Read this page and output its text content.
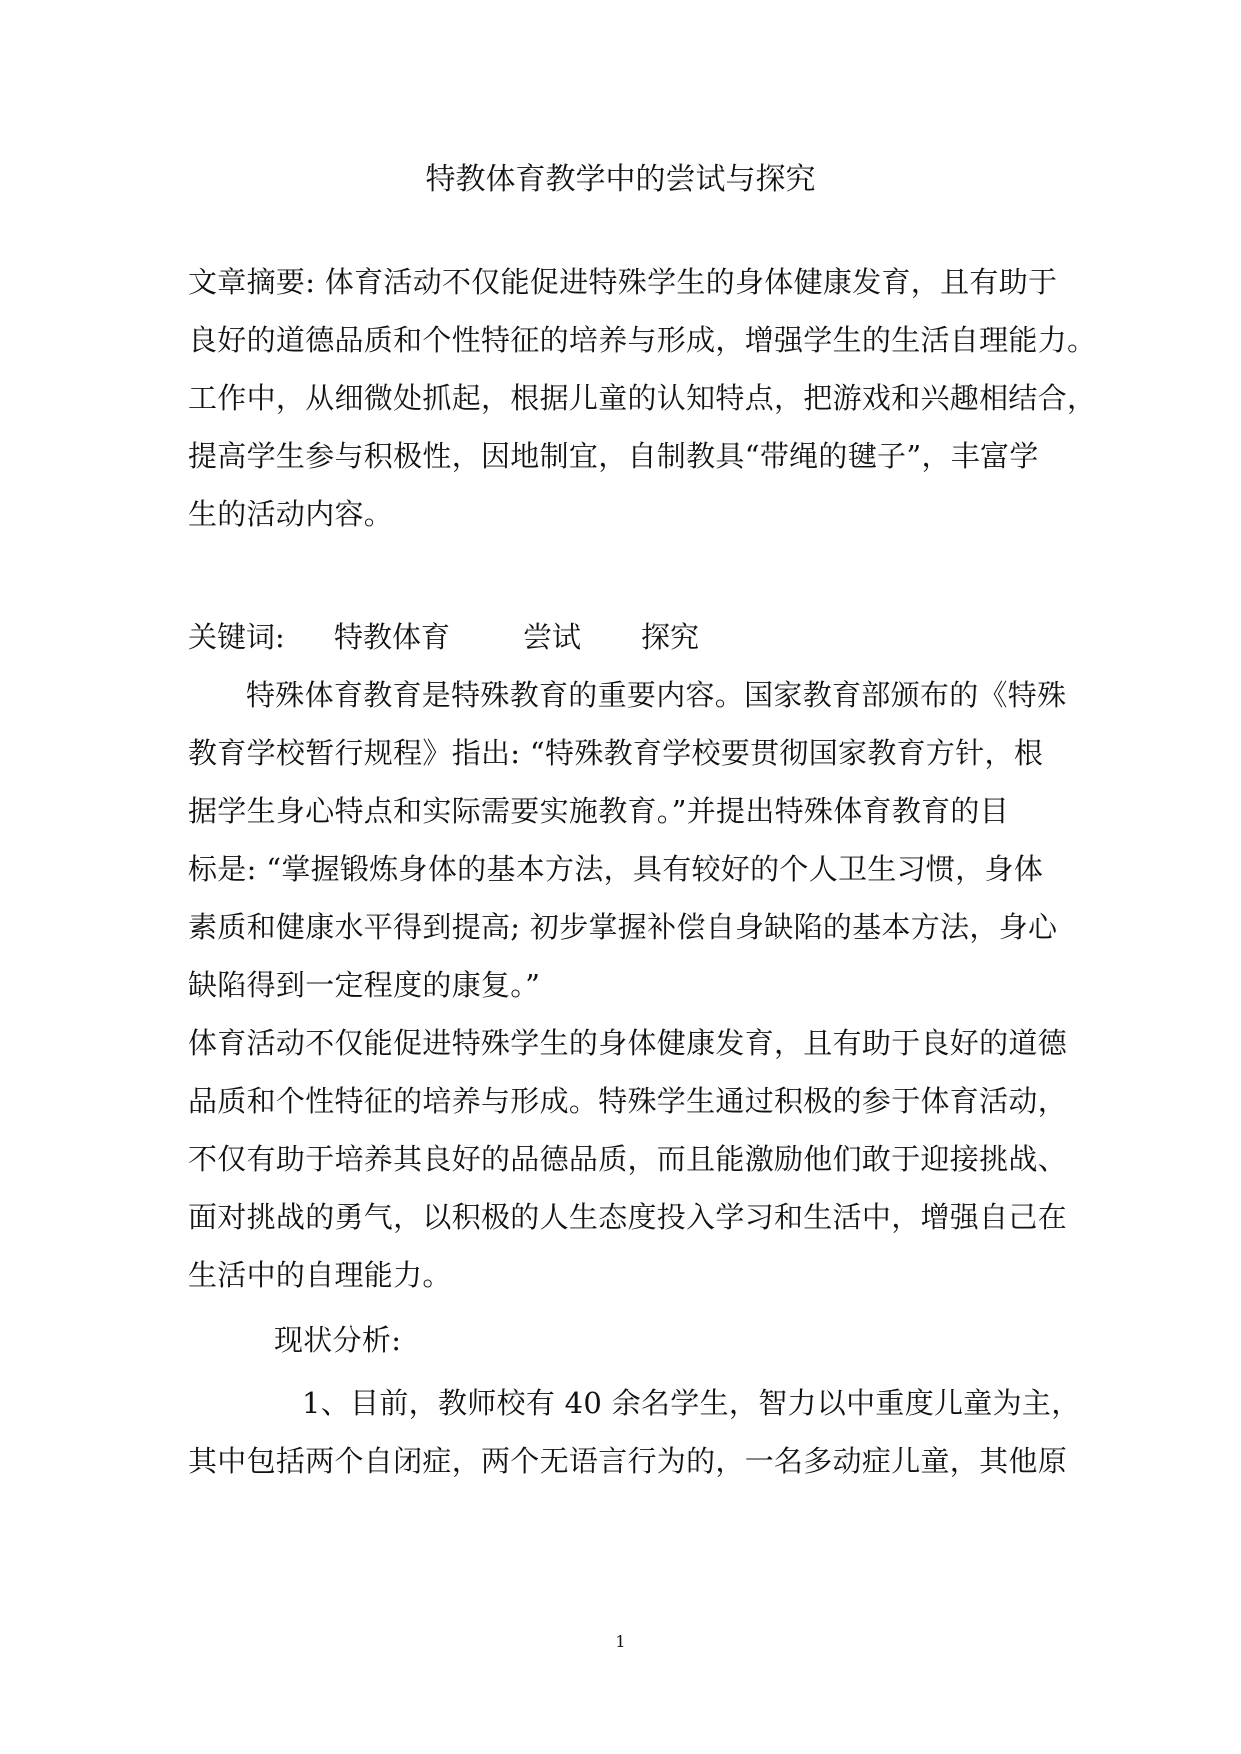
特教体育教学中的尝试与探究
文章摘要: 体育活动不仅能促进特殊学生的身体健康发育，且有助于
良好的道德品质和个性特征的培养与形成，增强学生的生活自理能力。
工作中，从细微处抓起，根据儿童的认知特点，把游戏和兴趣相结合，
提高学生参与积极性，因地制宜，自制教具“带绳的毽子”，丰富学
生的活动内容。
关键词: 特教体育	尝试 探究
特殊体育教育是特殊教育的重要内容。国家教育部颁布的《特殊
教育学校暂行规程》指出: “特殊教育学校要贯彻国家教育方针，根
据学生身心特点和实际需要实施教育。”并提出特殊体育教育的目
标是: “掌握锻炼身体的基本方法，具有较好的个人卫生习惯，身体
素质和健康水平得到提高; 初步掌握补偿自身缺陷的基本方法，身心
缺陷得到一定程度的康复。”
体育活动不仅能促进特殊学生的身体健康发育，且有助于良好的道德
品质和个性特征的培养与形成。特殊学生通过积极的参于体育活动，
不仅有助于培养其良好的品德品质，而且能激励他们敢于迎接挑战、
面对挑战的勇气，以积极的人生态度投入学习和生活中，增强自己在
生活中的自理能力。
现状分析:
1、目前，教师校有 40 余名学生，智力以中重度儿童为主，
其中包括两个自闭症，两个无语言行为的，一名多动症儿童，其他原
1
